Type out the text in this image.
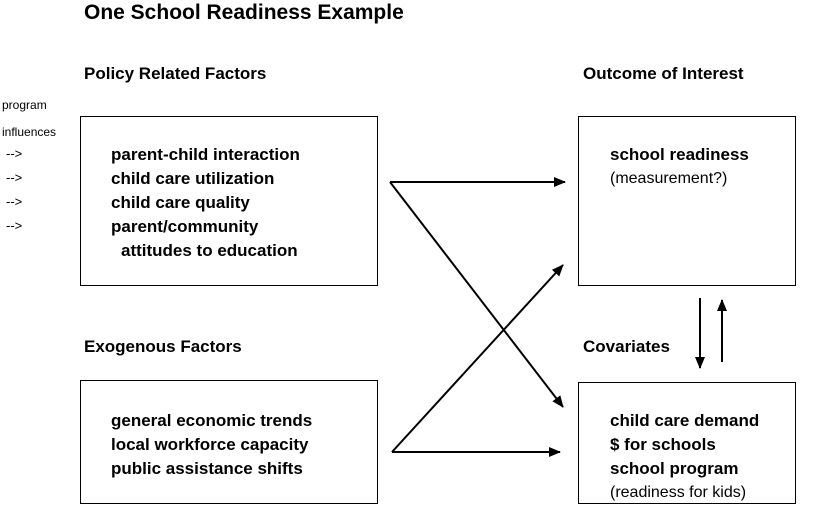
One School Readiness Example
program
influences
-->
-->
-->
-->
Policy Related Factors	Outcome of Interest
Exogenous Factors	Covariates
parent-child interaction
child care utilization
child care quality
parent/community
attitudes to education
school readiness
(measurement?)
general economic trends
local workforce capacity
public assistance shifts
child care demand
$ for schools
school program
(readiness for kids)
